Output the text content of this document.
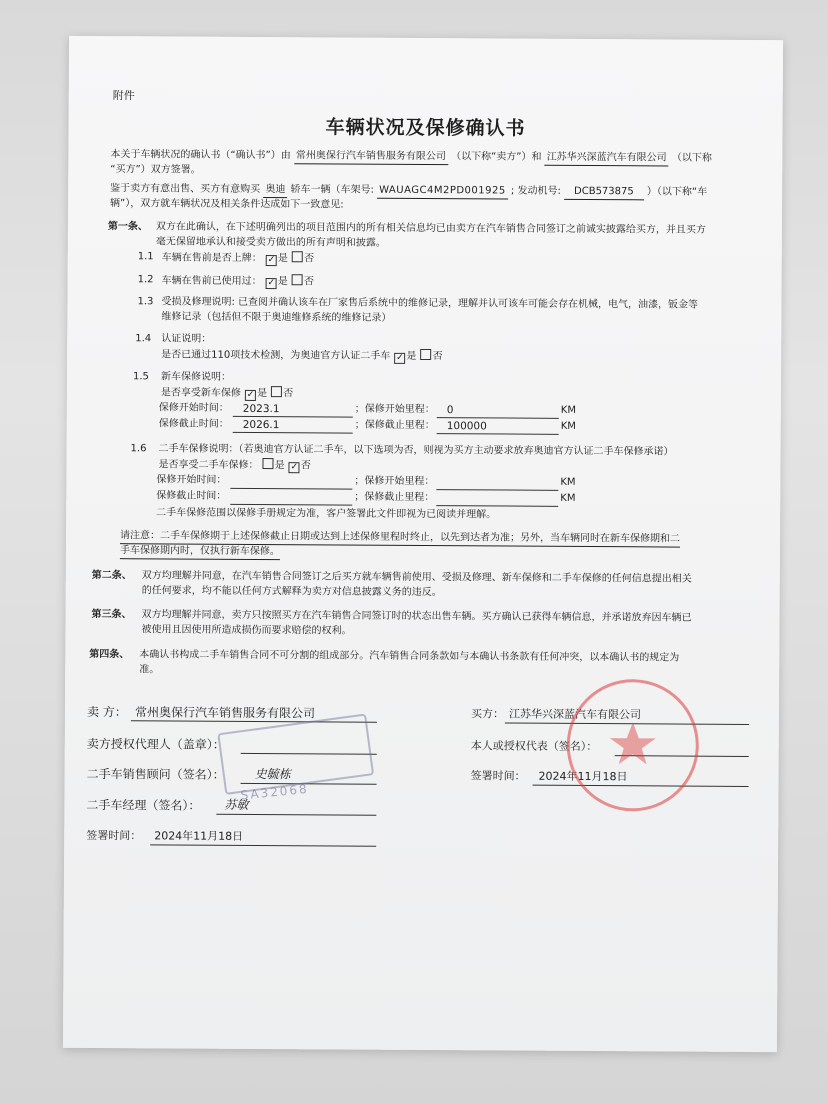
附件
车辆状况及保修确认书
本关于车辆状况的确认书（“确认书”）由 常州奥保行汽车销售服务有限公司 （以下称“卖方”）和 江苏华兴深蓝汽车有限公司 （以下称
“买方”）双方签署。
鉴于卖方有意出售、买方有意购买 奥迪 轿车一辆（车架号: WAUAGC4M2PD001925 ; 发动机号: DCB573875 ）（以下称“车
辆”），双方就车辆状况及相关条件达成如下一致意见:
第一条、 双方在此确认，在下述明确列出的项目范围内的所有相关信息均已由卖方在汽车销售合同签订之前诚实披露给买方，并且买方
毫无保留地承认和接受卖方做出的所有声明和披露。
1.1 车辆在售前是否上牌： ✓ 是 否
1.2 车辆在售前已使用过： ✓ 是 否
1.3 受损及修理说明: 已查阅并确认该车在厂家售后系统中的维修记录，理解并认可该车可能会存在机械，电气，油漆，钣金等
维修记录（包括但不限于奥迪维修系统的维修记录）
1.4 认证说明：
是否已通过110项技术检测，为奥迪官方认证二手车 ✓ 是 否
1.5 新车保修说明：
是否享受新车保修 ✓ 是 否
保修开始时间： 2023.1	；保修开始里程： 0	KM
保修截止时间： 2026.1	；保修截止里程： 100000	KM
1.6 二手车保修说明：（若奥迪官方认证二手车，以下选项为否，则视为买方主动要求放弃奥迪官方认证二手车保修承诺）
是否享受二手车保修： 是 ✓ 否
保修开始时间：	；保修开始里程：	KM
保修截止时间：	；保修截止里程：	KM
二手车保修范围以保修手册规定为准，客户签署此文件即视为已阅读并理解。
请注意：二手车保修期于上述保修截止日期或达到上述保修里程时终止，以先到达者为准；另外，当车辆同时在新车保修期和二
手车保修期内时，仅执行新车保修。
第二条、 双方均理解并同意，在汽车销售合同签订之后买方就车辆售前使用、受损及修理、新车保修和二手车保修的任何信息提出相关
的任何要求，均不能以任何方式解释为卖方对信息披露义务的违反。
第三条、 双方均理解并同意，卖方只按照买方在汽车销售合同签订时的状态出售车辆。买方确认已获得车辆信息，并承诺放弃因车辆已
被使用且因使用所造成损伤而要求赔偿的权利。
第四条、 本确认书构成二手车销售合同不可分割的组成部分。汽车销售合同条款如与本确认书条款有任何冲突，以本确认书的规定为
准。
卖 方： 常州奥保行汽车销售服务有限公司
卖方授权代理人（盖章）：
二手车销售顾问（签名）： 史毓栋
二手车经理（签名）： 苏敏
签署时间： 2024年11月18日
SA32068
买方： 江苏华兴深蓝汽车有限公司
本人或授权代表（签名）：
签署时间： 2024年11月18日
